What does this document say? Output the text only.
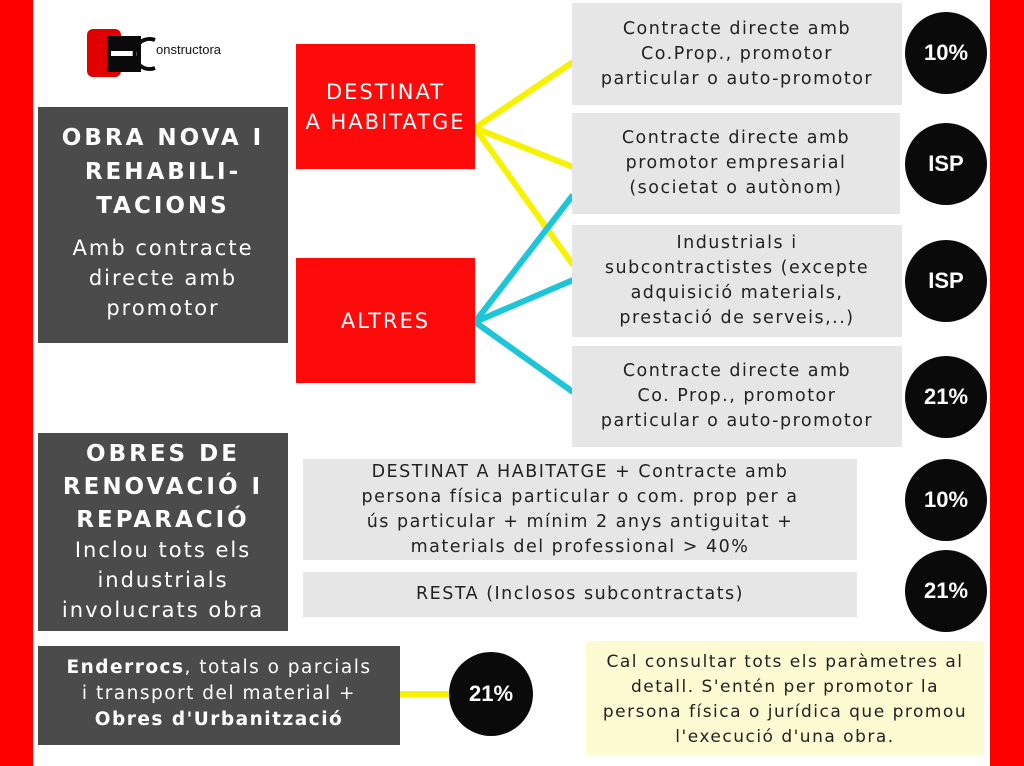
onstructora
OBRA NOVA I
REHABILI-
TACIONS
Amb contracte
directe amb
promotor
DESTINAT
A HABITATGE
ALTRES
Contracte directe amb
Co.Prop., promotor
particular o auto-promotor
Contracte directe amb
promotor empresarial
(societat o autònom)
Industrials i
subcontractistes (excepte
adquisició materials,
prestació de serveis,..)
Contracte directe amb
Co. Prop., promotor
particular o auto-promotor
10%
ISP
ISP
21%
OBRES DE
RENOVACIÓ I
REPARACIÓ
Inclou tots els
industrials
involucrats obra
DESTINAT A HABITATGE + Contracte amb
persona física particular o com. prop per a
ús particular + mínim 2 anys antiguitat +
materials del professional > 40%
RESTA (Inclosos subcontractats)
10%
21%
Enderrocs, totals o parcials
i transport del material +
Obres d'Urbanització
21%
Cal consultar tots els paràmetres al
detall. S'entén per promotor la
persona física o jurídica que promou
l'execució d'una obra.
